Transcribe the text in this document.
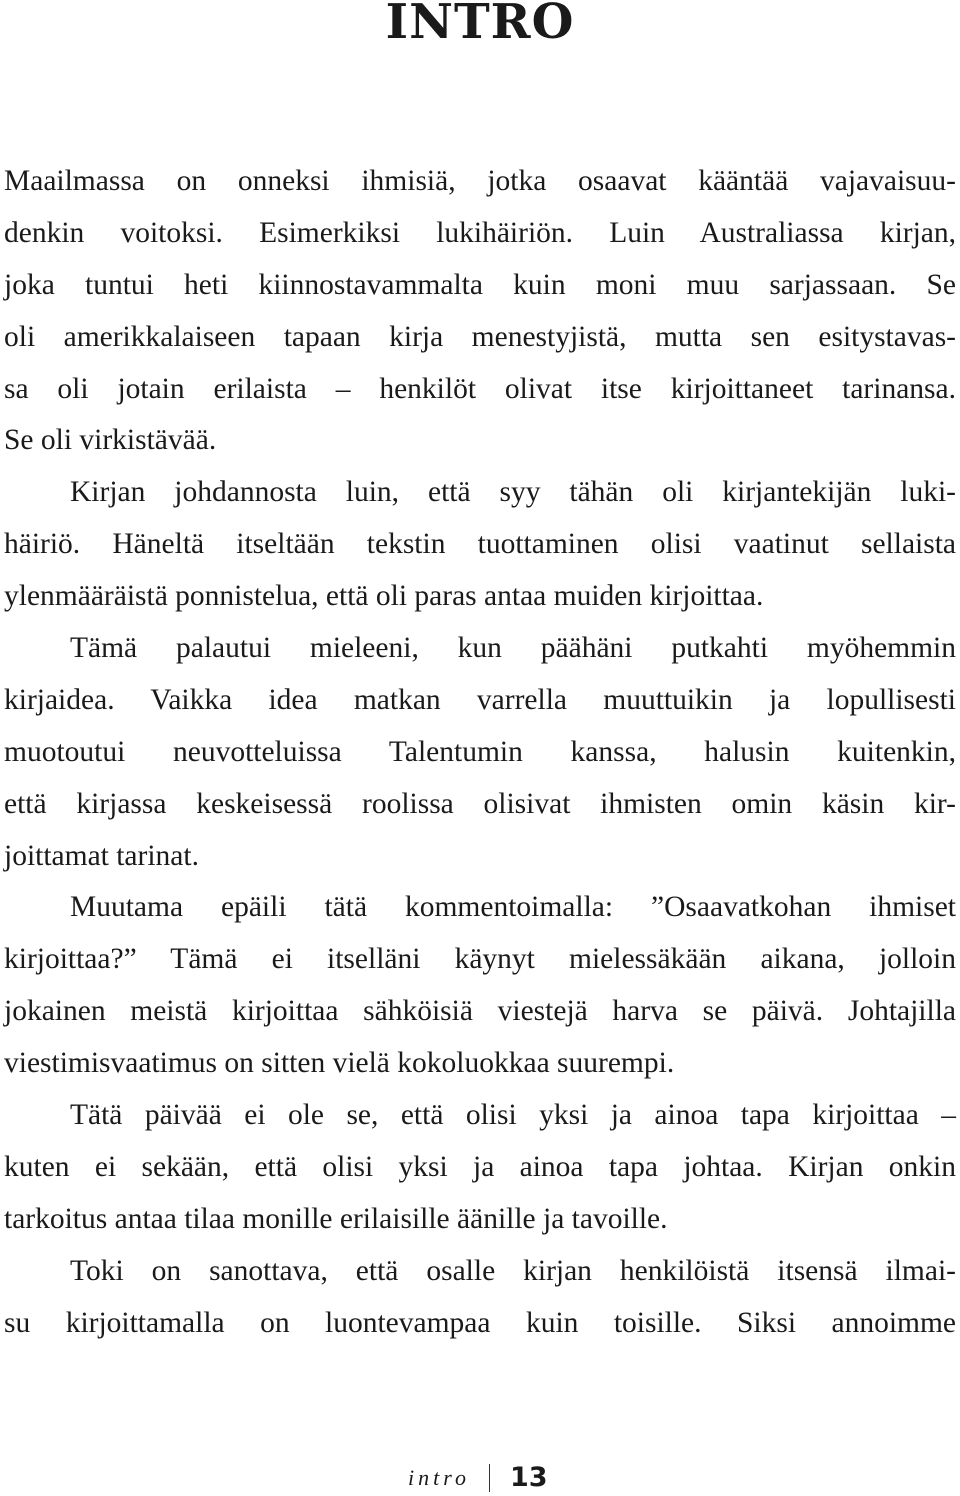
INTRO
Maailmassa on onneksi ihmisiä, jotka osaavat kääntää vajavaisuu-
denkin voitoksi. Esimerkiksi lukihäiriön. Luin Australiassa kirjan,
joka tuntui heti kiinnostavammalta kuin moni muu sarjassaan. Se
oli amerikkalaiseen tapaan kirja menestyjistä, mutta sen esitystavas-
sa oli jotain erilaista – henkilöt olivat itse kirjoittaneet tarinansa.
Se oli virkistävää.
Kirjan johdannosta luin, että syy tähän oli kirjantekijän luki-
häiriö. Häneltä itseltään tekstin tuottaminen olisi vaatinut sellaista
ylenmääräistä ponnistelua, että oli paras antaa muiden kirjoittaa.
Tämä palautui mieleeni, kun päähäni putkahti myöhemmin
kirjaidea. Vaikka idea matkan varrella muuttuikin ja lopullisesti
muotoutui neuvotteluissa Talentumin kanssa, halusin kuitenkin,
että kirjassa keskeisessä roolissa olisivat ihmisten omin käsin kir-
joittamat tarinat.
Muutama epäili tätä kommentoimalla: ”Osaavatkohan ihmiset
kirjoittaa?” Tämä ei itselläni käynyt mielessäkään aikana, jolloin
jokainen meistä kirjoittaa sähköisiä viestejä harva se päivä. Johtajilla
viestimisvaatimus on sitten vielä kokoluokkaa suurempi.
Tätä päivää ei ole se, että olisi yksi ja ainoa tapa kirjoittaa –
kuten ei sekään, että olisi yksi ja ainoa tapa johtaa. Kirjan onkin
tarkoitus antaa tilaa monille erilaisille äänille ja tavoille.
Toki on sanottava, että osalle kirjan henkilöistä itsensä ilmai-
su kirjoittamalla on luontevampaa kuin toisille. Siksi annoimme
intro 13
